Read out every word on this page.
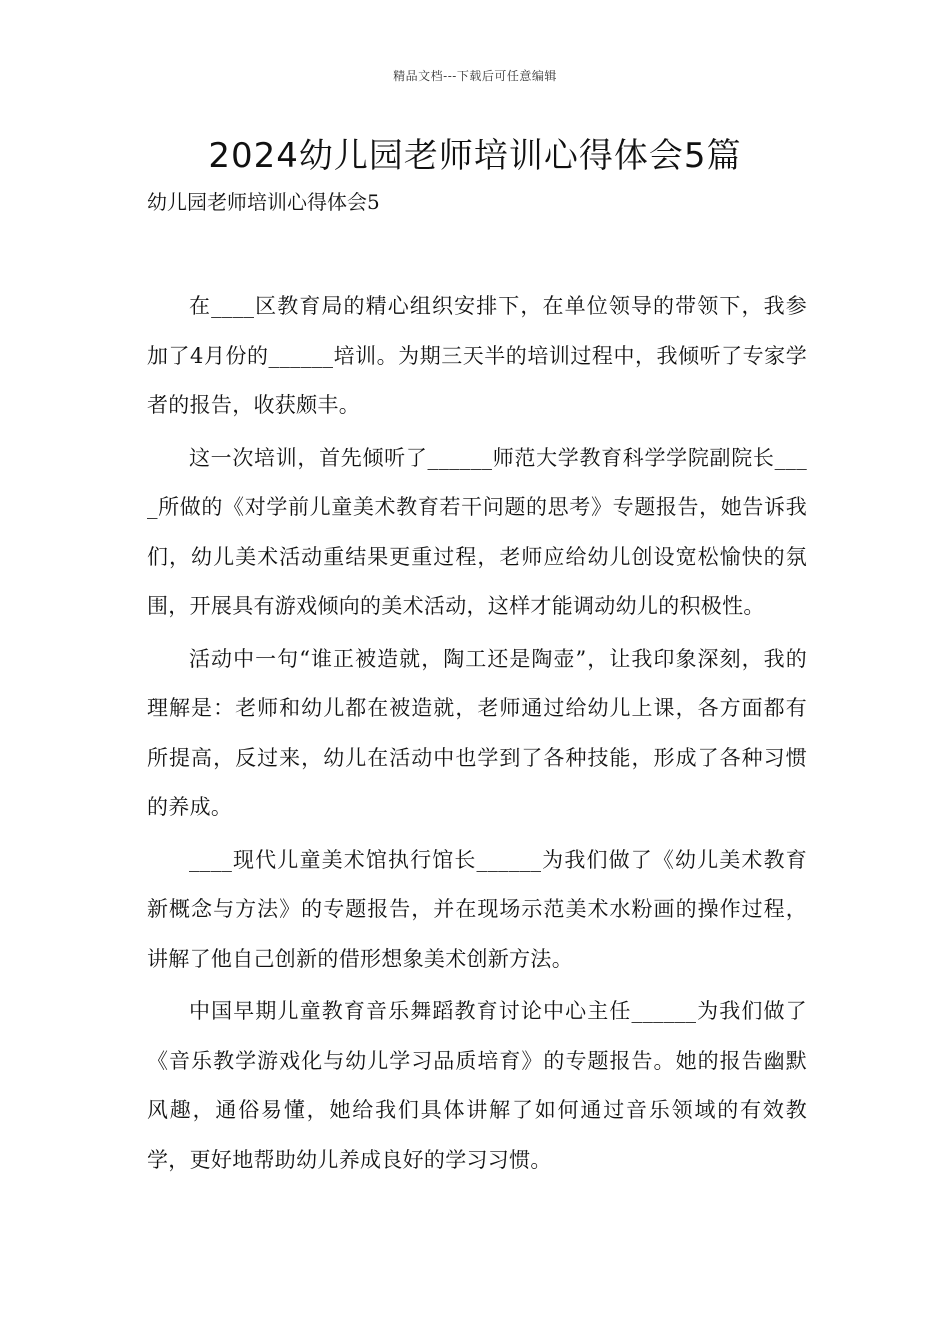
精品文档---下载后可任意编辑
2024幼儿园老师培训心得体会5篇

幼儿园老师培训心得体会5

在____区教育局的精心组织安排下，在单位领导的带领下，我参加了4月份的______培训。为期三天半的培训过程中，我倾听了专家学者的报告，收获颇丰。

这一次培训，首先倾听了______师范大学教育科学学院副院长____所做的《对学前儿童美术教育若干问题的思考》专题报告，她告诉我们，幼儿美术活动重结果更重过程，老师应给幼儿创设宽松愉快的氛围，开展具有游戏倾向的美术活动，这样才能调动幼儿的积极性。

活动中一句“谁正被造就，陶工还是陶壶”，让我印象深刻，我的理解是：老师和幼儿都在被造就，老师通过给幼儿上课，各方面都有所提高，反过来，幼儿在活动中也学到了各种技能，形成了各种习惯的养成。

____现代儿童美术馆执行馆长______为我们做了《幼儿美术教育新概念与方法》的专题报告，并在现场示范美术水粉画的操作过程，讲解了他自己创新的借形想象美术创新方法。

中国早期儿童教育音乐舞蹈教育讨论中心主任______为我们做了《音乐教学游戏化与幼儿学习品质培育》的专题报告。她的报告幽默风趣，通俗易懂，她给我们具体讲解了如何通过音乐领域的有效教学，更好地帮助幼儿养成良好的学习习惯。
